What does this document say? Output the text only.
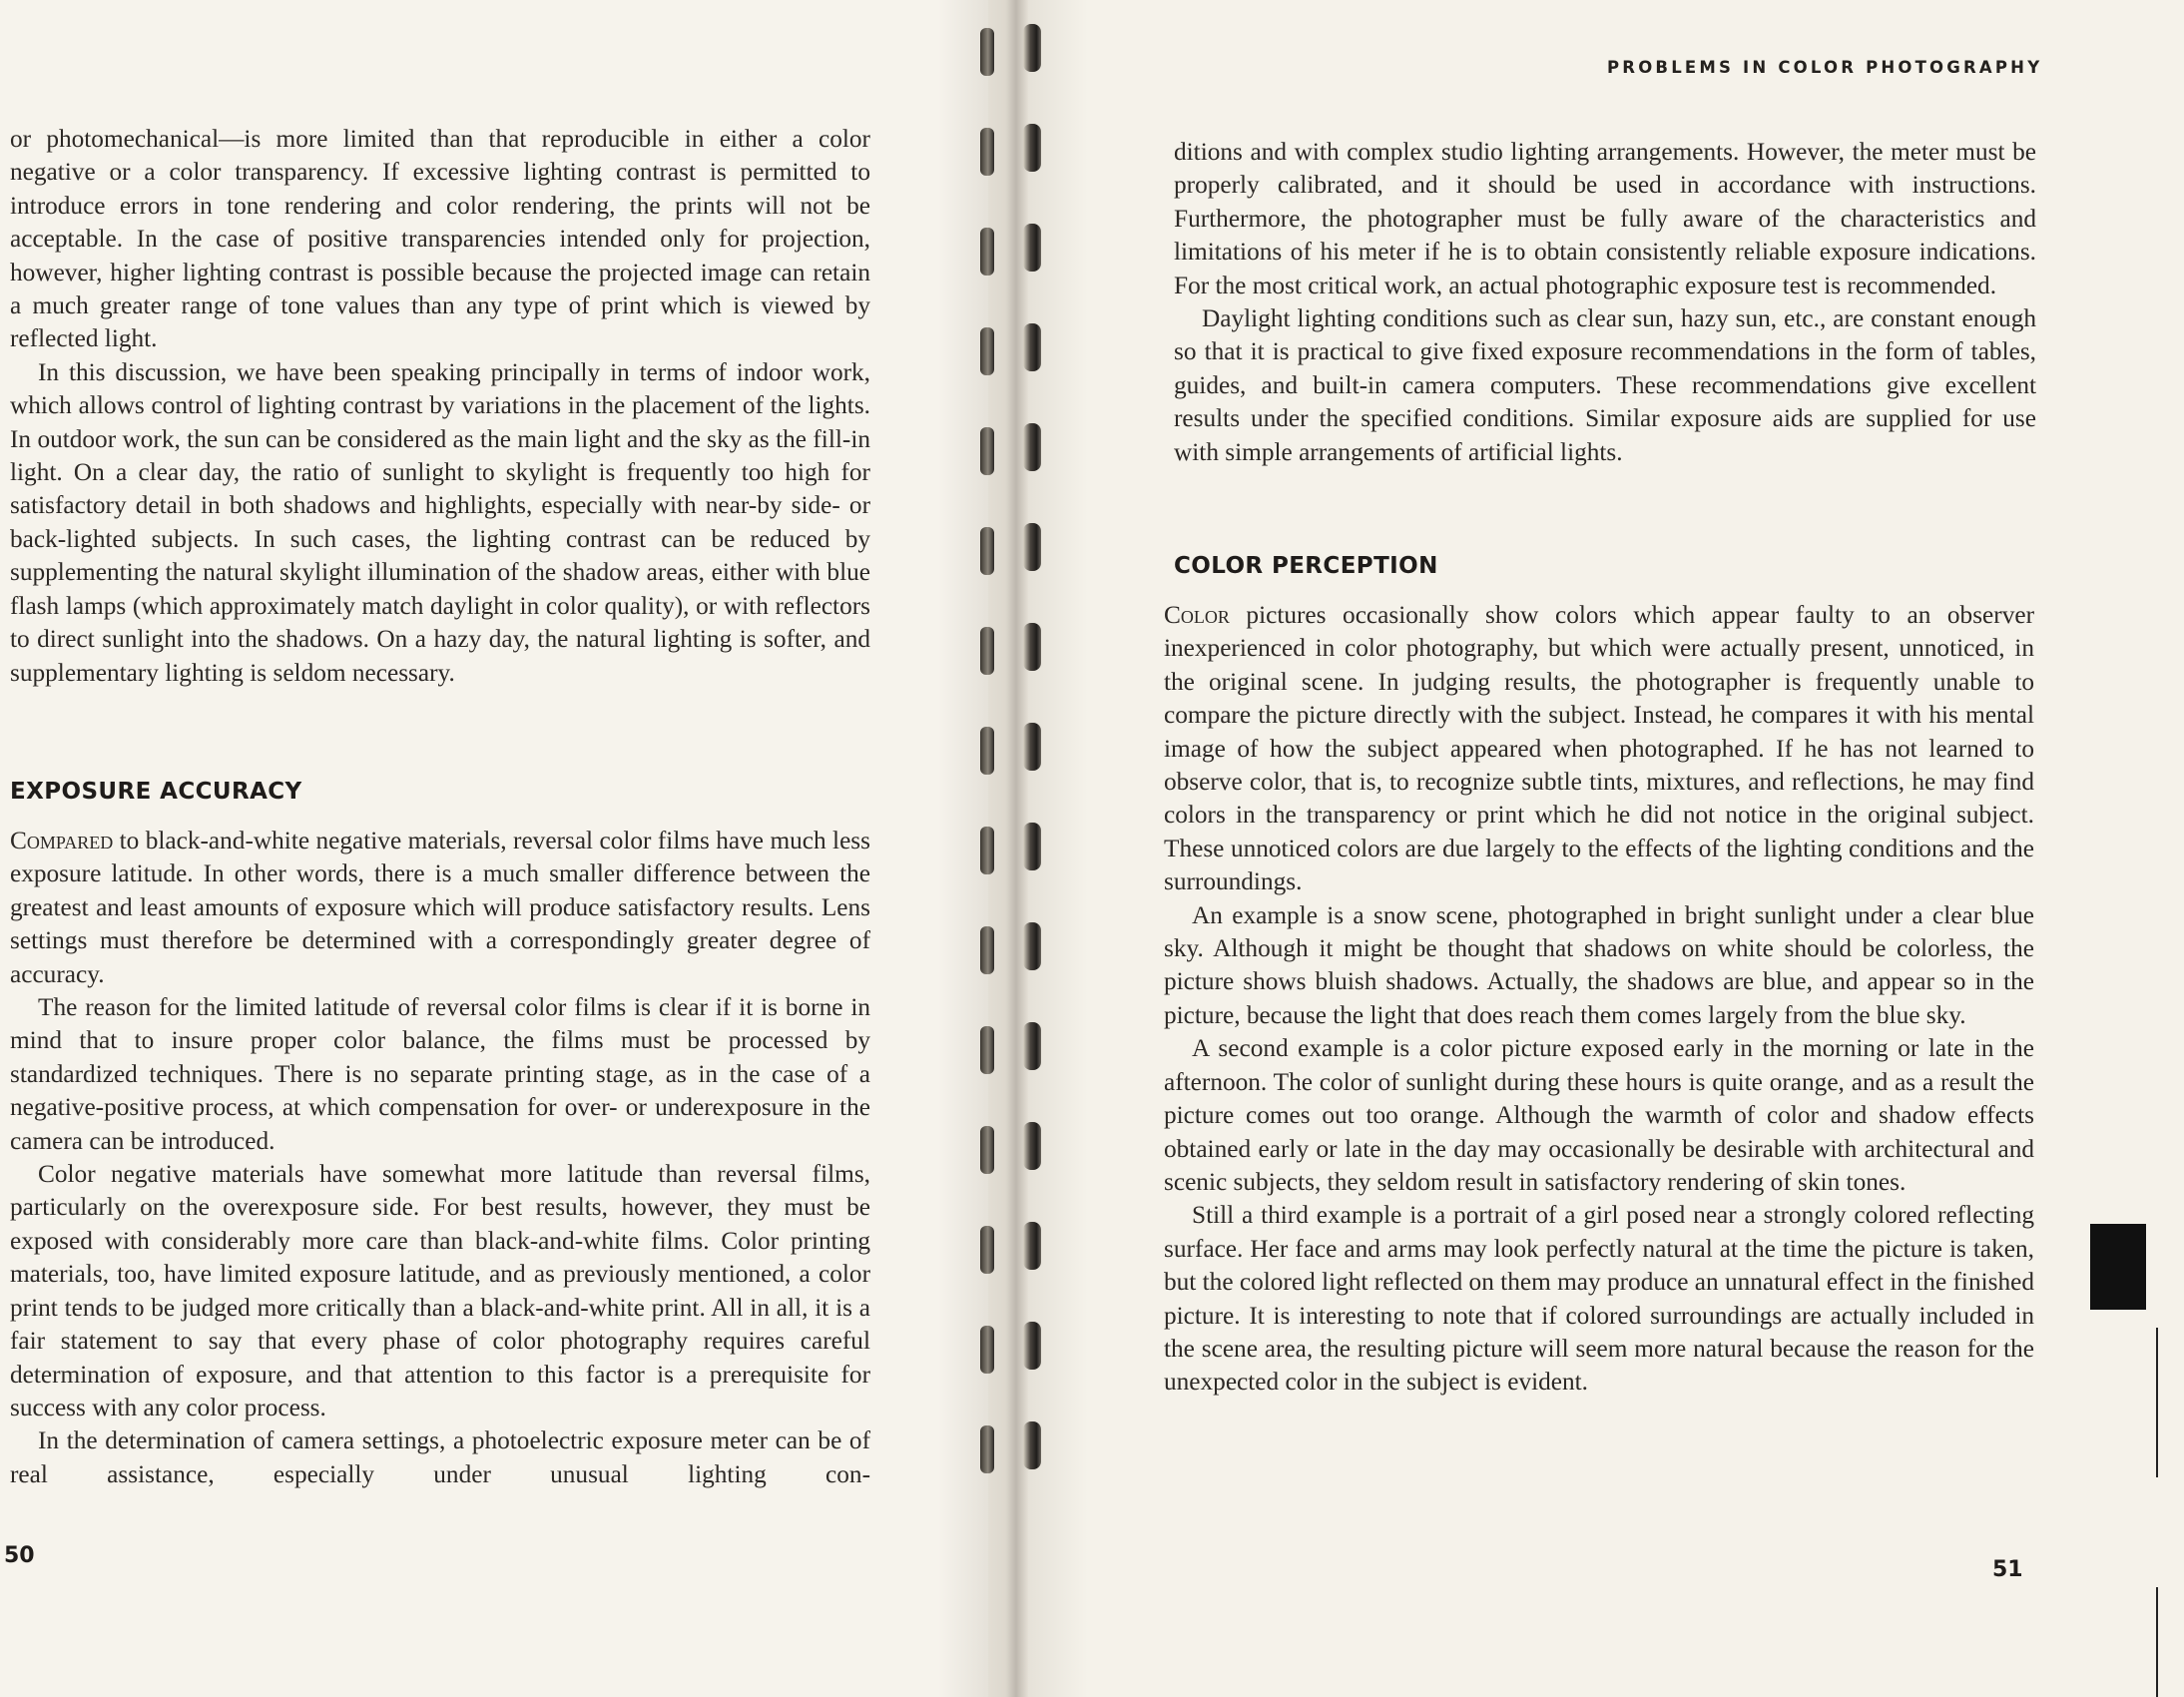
or photomechanical—is more limited than that reproducible in either a color negative or a color transparency. If excessive lighting contrast is permitted to introduce errors in tone rendering and color rendering, the prints will not be acceptable. In the case of positive transparencies intended only for projection, however, higher lighting contrast is possible because the projected image can retain a much greater range of tone values than any type of print which is viewed by reflected light.

In this discussion, we have been speaking principally in terms of indoor work, which allows control of lighting contrast by variations in the placement of the lights. In outdoor work, the sun can be considered as the main light and the sky as the fill-in light. On a clear day, the ratio of sunlight to skylight is frequently too high for satisfactory detail in both shadows and highlights, especially with near-by side- or back-lighted subjects. In such cases, the lighting contrast can be reduced by supplementing the natural skylight illumination of the shadow areas, either with blue flash lamps (which approximately match daylight in color quality), or with reflectors to direct sunlight into the shadows. On a hazy day, the natural lighting is softer, and supplementary lighting is seldom necessary.

EXPOSURE ACCURACY

Compared to black-and-white negative materials, reversal color films have much less exposure latitude. In other words, there is a much smaller difference between the greatest and least amounts of exposure which will produce satisfactory results. Lens settings must therefore be determined with a correspondingly greater degree of accuracy.

The reason for the limited latitude of reversal color films is clear if it is borne in mind that to insure proper color balance, the films must be processed by standardized techniques. There is no separate printing stage, as in the case of a negative-positive process, at which compensation for over- or underexposure in the camera can be introduced.

Color negative materials have somewhat more latitude than reversal films, particularly on the overexposure side. For best results, however, they must be exposed with considerably more care than black-and-white films. Color printing materials, too, have limited exposure latitude, and as previously mentioned, a color print tends to be judged more critically than a black-and-white print. All in all, it is a fair statement to say that every phase of color photography requires careful determination of exposure, and that attention to this factor is a prerequisite for success with any color process.

In the determination of camera settings, a photoelectric exposure meter can be of real assistance, especially under unusual lighting con-

50
PROBLEMS IN COLOR PHOTOGRAPHY

ditions and with complex studio lighting arrangements. However, the meter must be properly calibrated, and it should be used in accordance with instructions. Furthermore, the photographer must be fully aware of the characteristics and limitations of his meter if he is to obtain consistently reliable exposure indications. For the most critical work, an actual photographic exposure test is recommended.

Daylight lighting conditions such as clear sun, hazy sun, etc., are constant enough so that it is practical to give fixed exposure recommendations in the form of tables, guides, and built-in camera computers. These recommendations give excellent results under the specified conditions. Similar exposure aids are supplied for use with simple arrangements of artificial lights.

COLOR PERCEPTION

Color pictures occasionally show colors which appear faulty to an observer inexperienced in color photography, but which were actually present, unnoticed, in the original scene. In judging results, the photographer is frequently unable to compare the picture directly with the subject. Instead, he compares it with his mental image of how the subject appeared when photographed. If he has not learned to observe color, that is, to recognize subtle tints, mixtures, and reflections, he may find colors in the transparency or print which he did not notice in the original subject. These unnoticed colors are due largely to the effects of the lighting conditions and the surroundings.

An example is a snow scene, photographed in bright sunlight under a clear blue sky. Although it might be thought that shadows on white should be colorless, the picture shows bluish shadows. Actually, the shadows are blue, and appear so in the picture, because the light that does reach them comes largely from the blue sky.

A second example is a color picture exposed early in the morning or late in the afternoon. The color of sunlight during these hours is quite orange, and as a result the picture comes out too orange. Although the warmth of color and shadow effects obtained early or late in the day may occasionally be desirable with architectural and scenic subjects, they seldom result in satisfactory rendering of skin tones.

Still a third example is a portrait of a girl posed near a strongly colored reflecting surface. Her face and arms may look perfectly natural at the time the picture is taken, but the colored light reflected on them may produce an unnatural effect in the finished picture. It is interesting to note that if colored surroundings are actually included in the scene area, the resulting picture will seem more natural because the reason for the unexpected color in the subject is evident.

51
